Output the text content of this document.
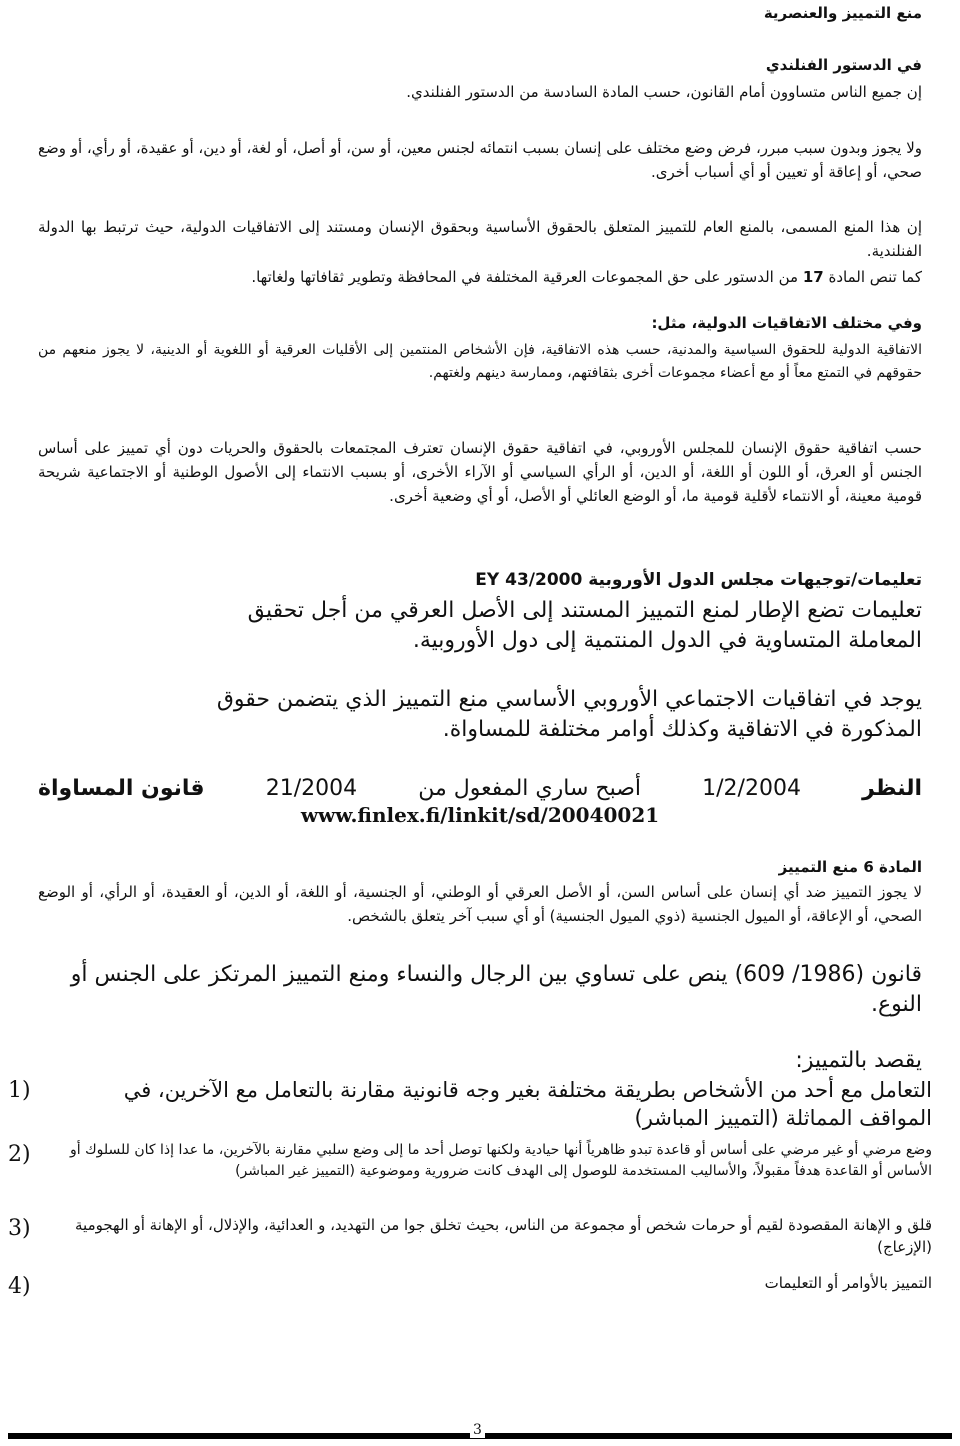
منع التمييز والعنصرية
في الدستور الفنلندي
إن جميع الناس متساوون أمام القانون، حسب المادة السادسة من الدستور الفنلندي.
ولا يجوز وبدون سبب مبرر، فرض وضع مختلف على إنسان بسبب انتمائه لجنس معين، أو سن، أو أصل، أو لغة، أو دين، أو عقيدة، أو رأي، أو وضع صحي، أو إعاقة أو تعيين أو أي أسباب أخرى.
إن هذا المنع المسمى، بالمنع العام للتمييز المتعلق بالحقوق الأساسية وبحقوق الإنسان ومستند إلى الاتفاقيات الدولية، حيث ترتبط بها الدولة الفنلندية.
كما تنص المادة 17 من الدستور على حق المجموعات العرقية المختلفة في المحافظة وتطوير ثقافاتها ولغاتها.
وفي مختلف الاتفاقيات الدولية، مثل:
الاتفاقية الدولية للحقوق السياسية والمدنية، حسب هذه الاتفاقية، فإن الأشخاص المنتمين إلى الأقليات العرقية أو اللغوية أو الدينية، لا يجوز منعهم من حقوقهم في التمتع معاً أو مع أعضاء مجموعات أخرى بثقافتهم، وممارسة دينهم ولغتهم.
حسب اتفاقية حقوق الإنسان للمجلس الأوروبي، في اتفاقية حقوق الإنسان تعترف المجتمعات بالحقوق والحريات دون أي تمييز على أساس الجنس أو العرق، أو اللون أو اللغة، أو الدين، أو الرأي السياسي أو الآراء الأخرى، أو بسبب الانتماء إلى الأصول الوطنية أو الاجتماعية شريحة قومية معينة، أو الانتماء لأقلية قومية ما، أو الوضع العائلي أو الأصل، أو أي وضعية أخرى.
تعليمات/توجيهات مجلس الدول الأوروبية EY 43/2000
تعليمات تضع الإطار لمنع التمييز المستند إلى الأصل العرقي من أجل تحقيق
المعاملة المتساوية في الدول المنتمية إلى دول الأوروبية.
يوجد في اتفاقيات الاجتماعي الأوروبي الأساسي منع التمييز الذي يتضمن حقوق
المذكورة في الاتفاقية وكذلك أوامر مختلفة للمساواة.
النظر
1/2/2004
أصبح ساري المفعول من
21/2004
قانون المساواة
www.finlex.fi/linkit/sd/20040021
المادة 6 منع التمييز
لا يجوز التمييز ضد أي إنسان على أساس السن، أو الأصل العرقي أو الوطني، أو الجنسية، أو اللغة، أو الدين، أو العقيدة، أو الرأي، أو الوضع الصحي، أو الإعاقة، أو الميول الجنسية (ذوي الميول الجنسية) أو أي سبب آخر يتعلق بالشخص.
قانون (609 /1986) ينص على تساوي بين الرجال والنساء ومنع التمييز المرتكز على الجنس أو النوع.
يقصد بالتمييز:
التعامل مع أحد من الأشخاص بطريقة مختلفة بغير وجه قانونية مقارنة بالتعامل مع الآخرين، في المواقف المماثلة (التمييز المباشر)
1)
وضع مرضي أو غير مرضي على أساس أو قاعدة تبدو ظاهرياً أنها حيادية ولكنها توصل أحد ما إلى وضع سلبي مقارنة بالآخرين، ما عدا إذا كان للسلوك أو الأساس أو القاعدة هدفاً مقبولاً، والأساليب المستخدمة للوصول إلى الهدف كانت ضرورية وموضوعية (التمييز غير المباشر)
2)
قلق و الإهانة المقصودة لقيم أو حرمات شخص أو مجموعة من الناس، بحيث تخلق جوا من التهديد، و العدائية، والإذلال، أو الإهانة أو الهجومية (الإزعاج)
3)
التمييز بالأوامر أو التعليمات
4)
3
